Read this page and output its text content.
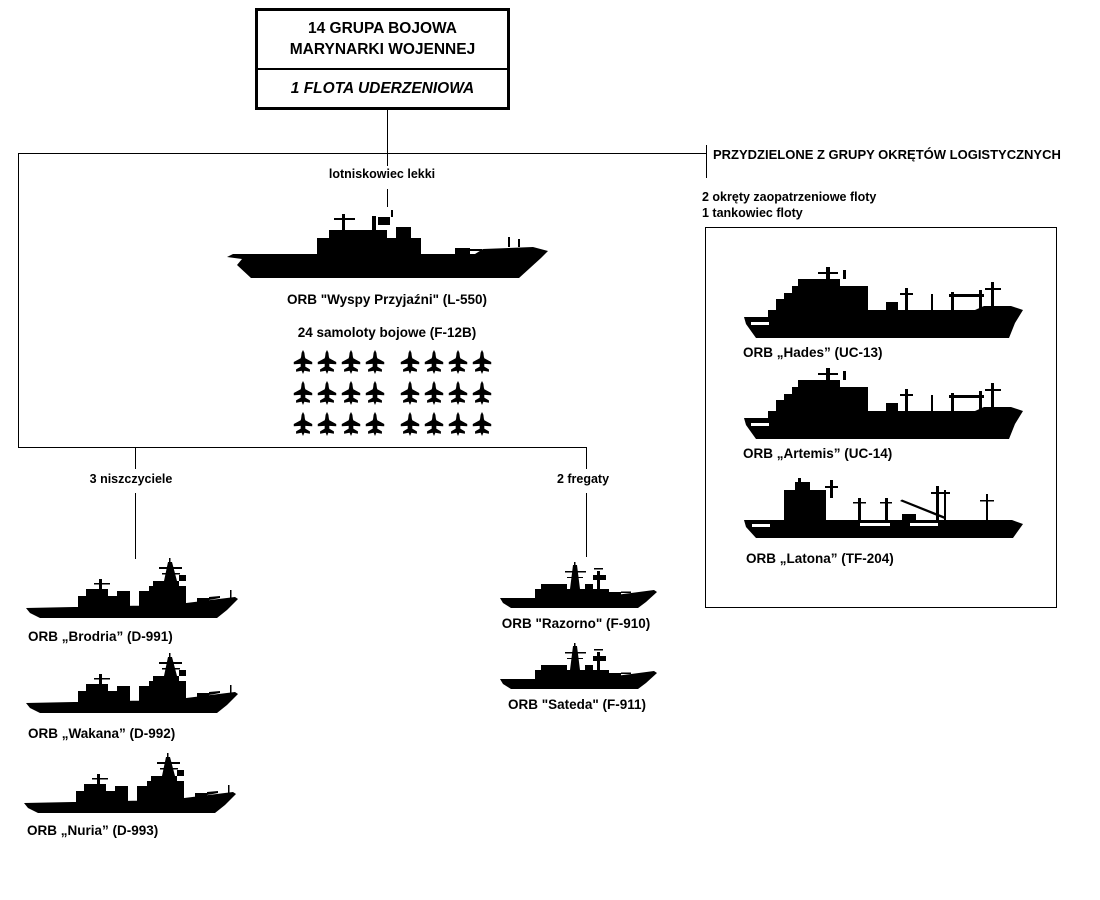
14 GRUPA BOJOWA
MARYNARKI WOJENNEJ
1 FLOTA UDERZENIOWA
lotniskowiec lekki
ORB "Wyspy Przyjaźni" (L-550)
24 samoloty bojowe (F-12B)
3 niszczyciele
ORB „Brodria” (D-991)
ORB „Wakana” (D-992)
ORB „Nuria” (D-993)
2 fregaty
ORB "Razorno" (F-910)
ORB "Sateda" (F-911)
PRZYDZIELONE Z GRUPY OKRĘTÓW LOGISTYCZNYCH
2 okręty zaopatrzeniowe floty
1 tankowiec floty
ORB „Hades” (UC-13)
ORB „Artemis” (UC-14)
ORB „Latona” (TF-204)
